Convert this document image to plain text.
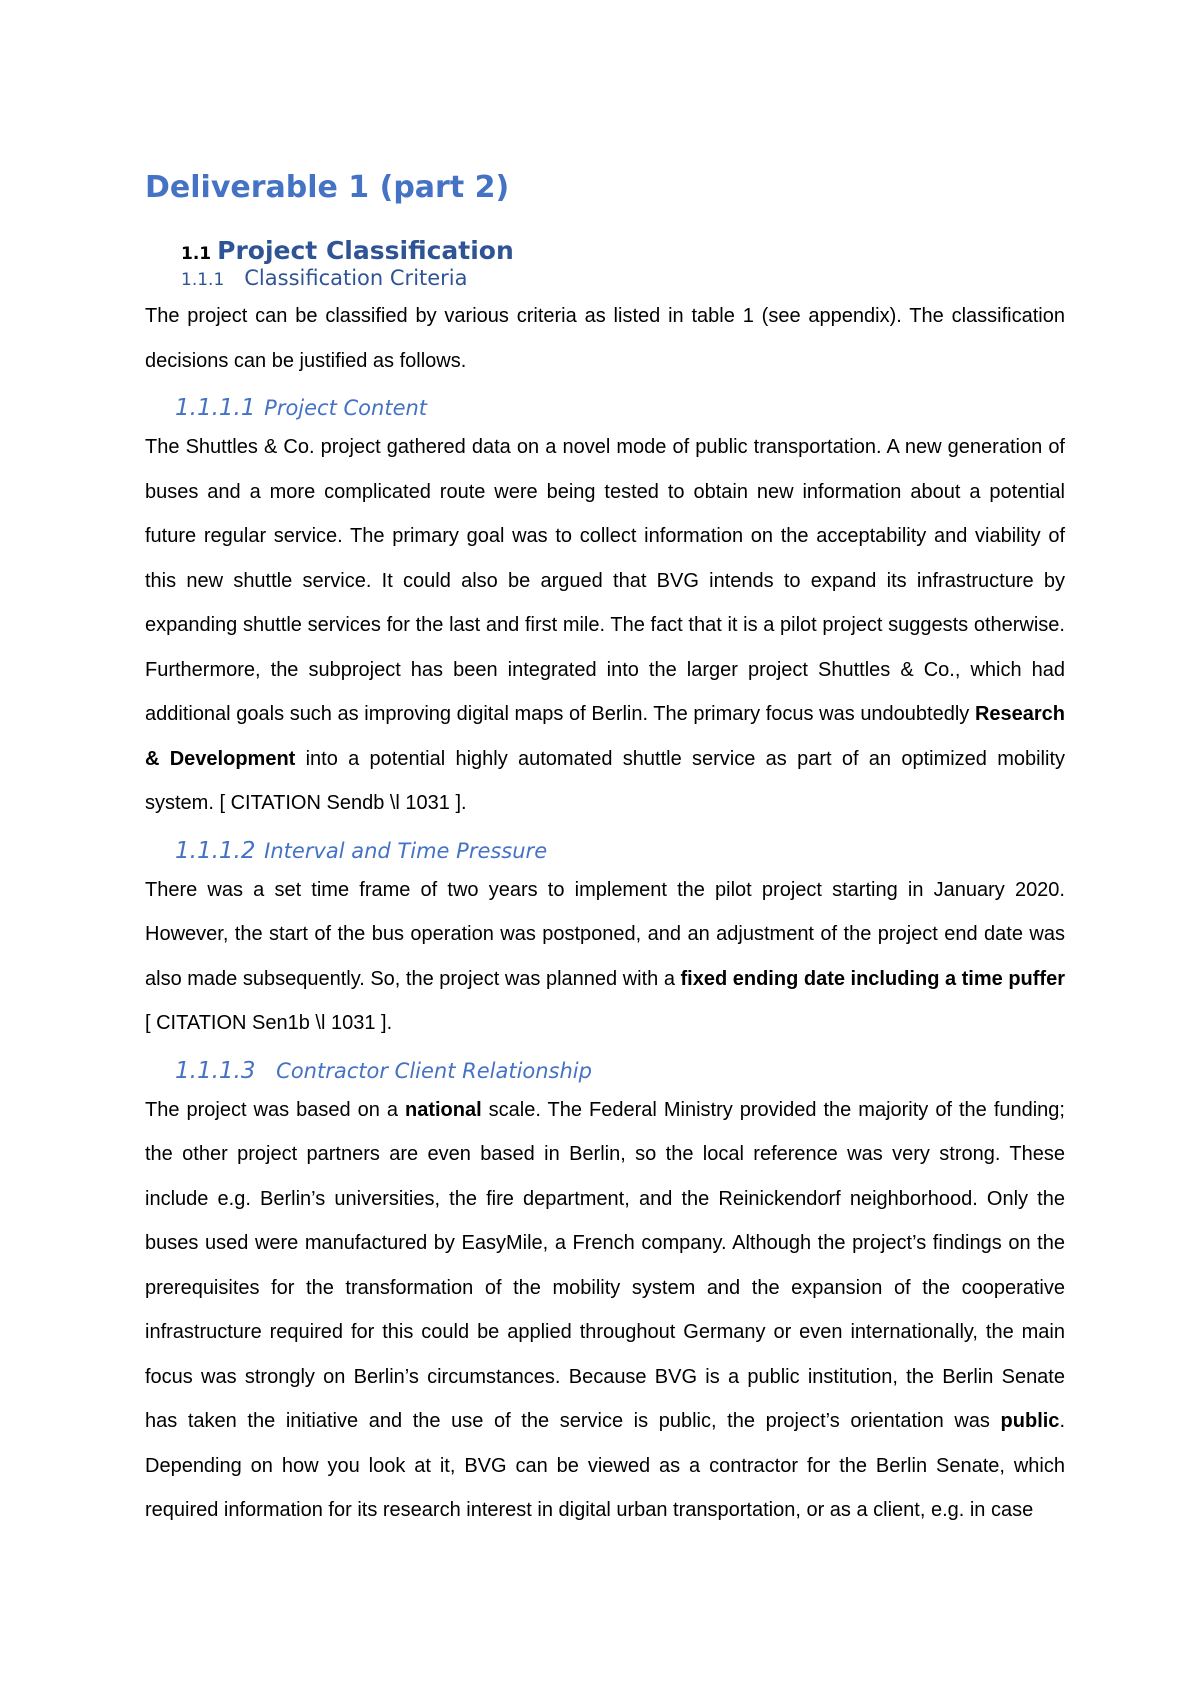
Deliverable 1 (part 2)
1.1 Project Classification
1.1.1 Classification Criteria

The project can be classified by various criteria as listed in table 1 (see appendix). The classification decisions can be justified as follows.

1.1.1.1 Project Content

The Shuttles & Co. project gathered data on a novel mode of public transportation. A new generation of buses and a more complicated route were being tested to obtain new information about a potential future regular service. The primary goal was to collect information on the acceptability and viability of this new shuttle service. It could also be argued that BVG intends to expand its infrastructure by expanding shuttle services for the last and first mile. The fact that it is a pilot project suggests otherwise. Furthermore, the subproject has been integrated into the larger project Shuttles & Co., which had additional goals such as improving digital maps of Berlin. The primary focus was undoubtedly Research & Development into a potential highly automated shuttle service as part of an optimized mobility system. [ CITATION Sendb \l 1031 ].

1.1.1.2 Interval and Time Pressure

There was a set time frame of two years to implement the pilot project starting in January 2020. However, the start of the bus operation was postponed, and an adjustment of the project end date was also made subsequently. So, the project was planned with a fixed ending date including a time puffer [ CITATION Sen1b \l 1031 ].

1.1.1.3 Contractor Client Relationship

The project was based on a national scale. The Federal Ministry provided the majority of the funding; the other project partners are even based in Berlin, so the local reference was very strong. These include e.g. Berlin’s universities, the fire department, and the Reinickendorf neighborhood. Only the buses used were manufactured by EasyMile, a French company. Although the project’s findings on the prerequisites for the transformation of the mobility system and the expansion of the cooperative infrastructure required for this could be applied throughout Germany or even internationally, the main focus was strongly on Berlin’s circumstances. Because BVG is a public institution, the Berlin Senate has taken the initiative and the use of the service is public, the project’s orientation was public. Depending on how you look at it, BVG can be viewed as a contractor for the Berlin Senate, which required information for its research interest in digital urban transportation, or as a client, e.g. in case
